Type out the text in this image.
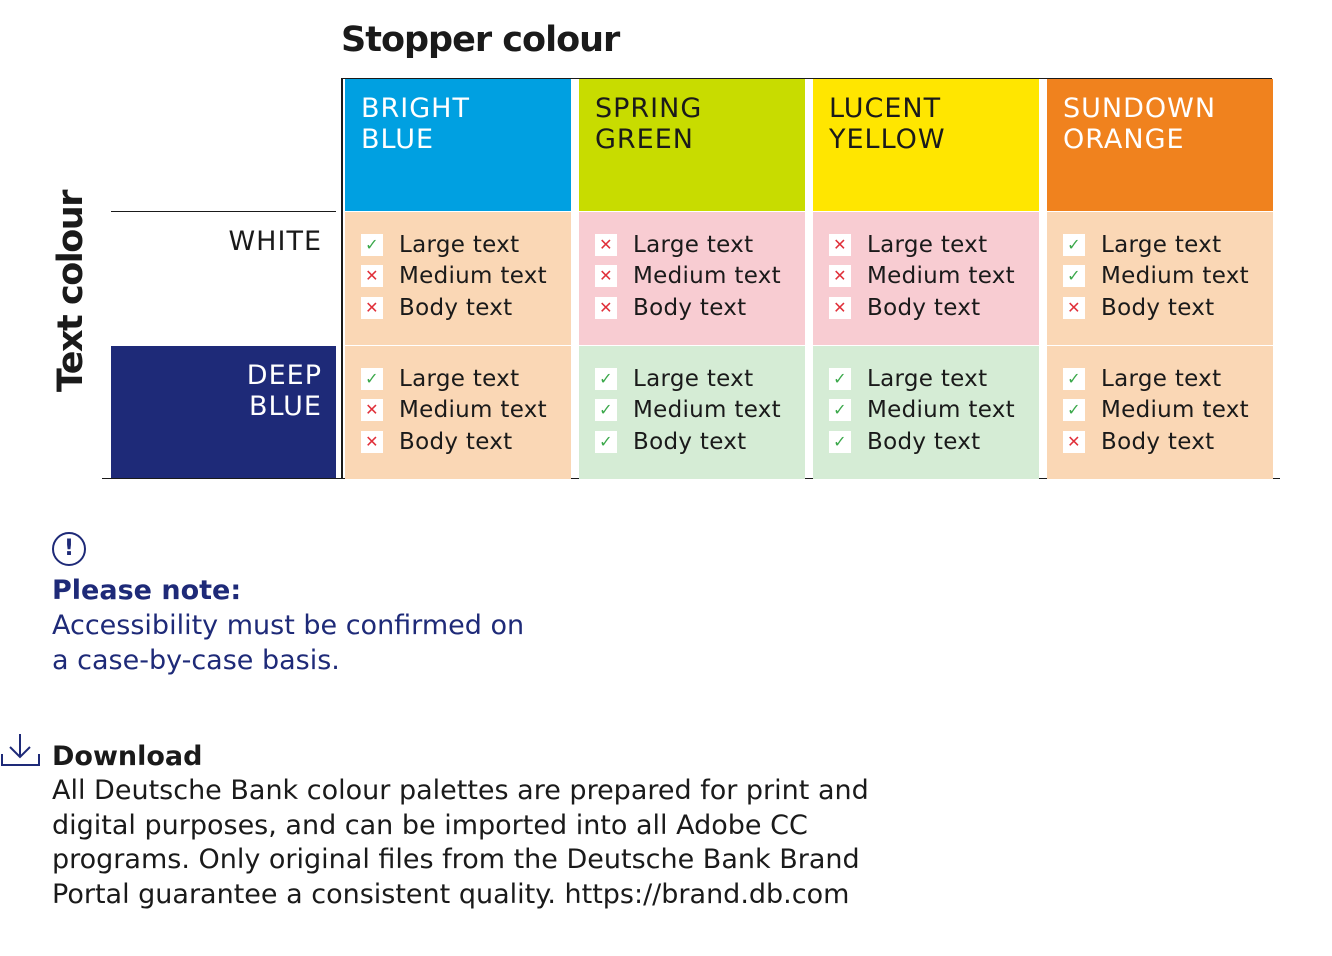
Stopper colour
Text colour
!
Please note:
Accessibility must be confirmed on
a case-by-case basis.
Download
All Deutsche Bank colour palettes are prepared for print and
digital purposes, and can be imported into all Adobe CC
programs. Only original files from the Deutsche Bank Brand
Portal guarantee a consistent quality. https://brand.db.com
BRIGHT
BLUE
SPRING
GREEN
LUCENT
YELLOW
SUNDOWN
ORANGE
WHITE	✓ Large text
✕ Medium text
✕ Body text
✕ Large text
✕ Medium text
✕ Body text
✕ Large text
✕ Medium text
✕ Body text
✓ Large text
✓ Medium text
✕ Body text
DEEP
BLUE
✓ Large text
✕ Medium text
✕ Body text
✓ Large text
✓ Medium text
✓ Body text
✓ Large text
✓ Medium text
✓ Body text
✓ Large text
✓ Medium text
✕ Body text
